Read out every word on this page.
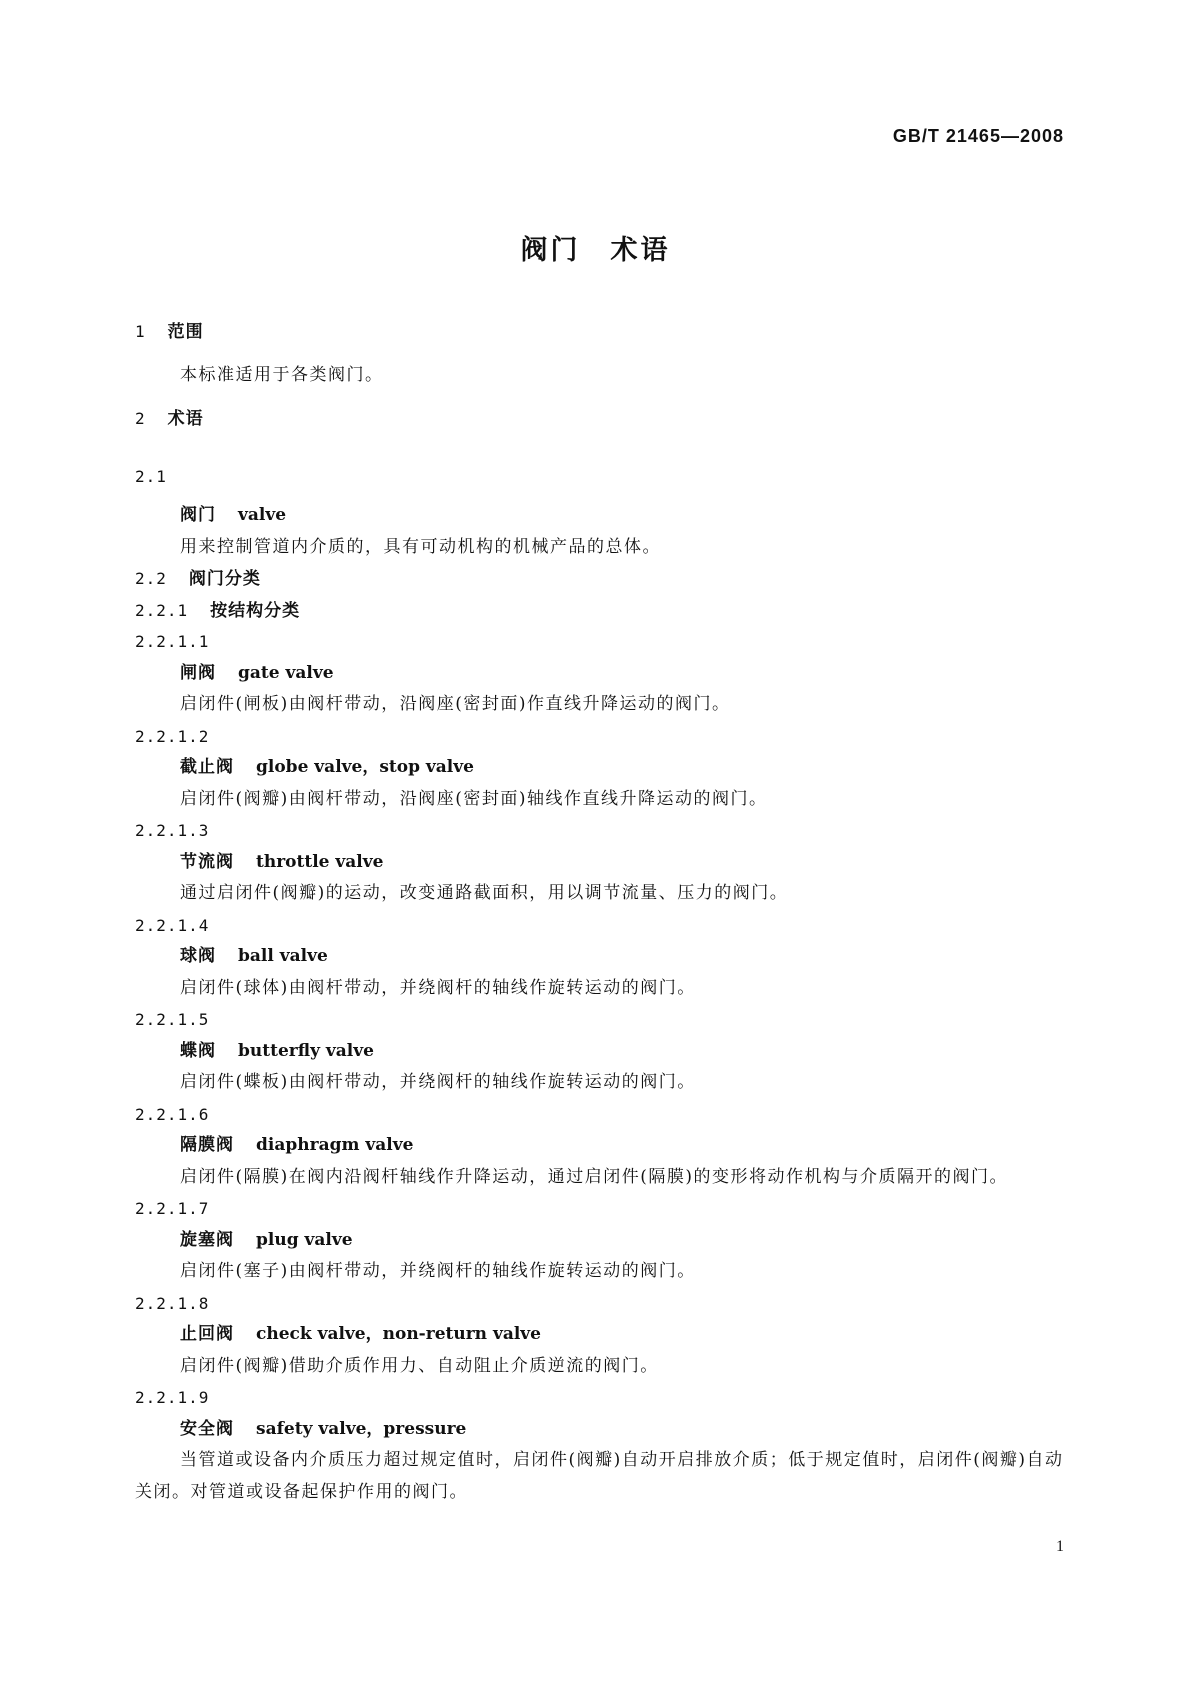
GB/T 21465—2008
阀门　术语
1 范围
本标准适用于各类阀门。
2 术语
2.1
阀门 valve
用来控制管道内介质的，具有可动机构的机械产品的总体。
2.2 阀门分类
2.2.1 按结构分类
2.2.1.1
闸阀 gate valve
启闭件(闸板)由阀杆带动，沿阀座(密封面)作直线升降运动的阀门。
2.2.1.2
截止阀 globe valve，stop valve
启闭件(阀瓣)由阀杆带动，沿阀座(密封面)轴线作直线升降运动的阀门。
2.2.1.3
节流阀 throttle valve
通过启闭件(阀瓣)的运动，改变通路截面积，用以调节流量、压力的阀门。
2.2.1.4
球阀 ball valve
启闭件(球体)由阀杆带动，并绕阀杆的轴线作旋转运动的阀门。
2.2.1.5
蝶阀 butterfly valve
启闭件(蝶板)由阀杆带动，并绕阀杆的轴线作旋转运动的阀门。
2.2.1.6
隔膜阀 diaphragm valve
启闭件(隔膜)在阀内沿阀杆轴线作升降运动，通过启闭件(隔膜)的变形将动作机构与介质隔开的阀门。
2.2.1.7
旋塞阀 plug valve
启闭件(塞子)由阀杆带动，并绕阀杆的轴线作旋转运动的阀门。
2.2.1.8
止回阀 check valve，non-return valve
启闭件(阀瓣)借助介质作用力、自动阻止介质逆流的阀门。
2.2.1.9
安全阀 safety valve，pressure
当管道或设备内介质压力超过规定值时，启闭件(阀瓣)自动开启排放介质；低于规定值时，启闭件(阀瓣)自动关闭。对管道或设备起保护作用的阀门。
1
